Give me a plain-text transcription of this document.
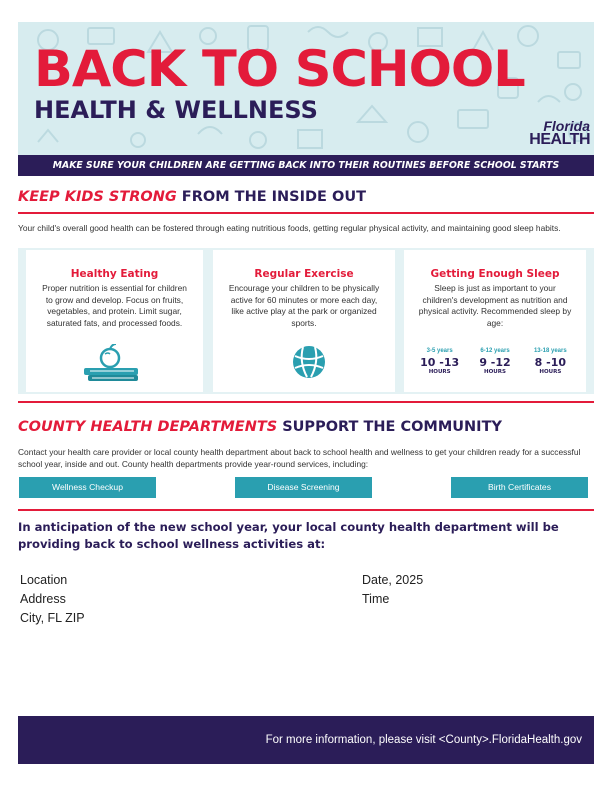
BACK TO SCHOOL
HEALTH & WELLNESS
Florida
HEALTH
MAKE SURE YOUR CHILDREN ARE GETTING BACK INTO THEIR ROUTINES BEFORE SCHOOL STARTS
KEEP KIDS STRONG FROM THE INSIDE OUT
Your child's overall good health can be fostered through eating nutritious foods, getting regular physical activity, and maintaining good sleep habits.
Healthy Eating
Proper nutrition is essential for children to grow and develop. Focus on fruits, vegetables, and protein. Limit sugar, saturated fats, and processed foods.
Regular Exercise
Encourage your children to be physically active for 60 minutes or more each day, like active play at the park or organized sports.
Getting Enough Sleep
Sleep is just as important to your children's development as nutrition and physical activity. Recommended sleep by age:
3-5 years
10 -13
HOURS
6-12 years
9 -12
HOURS
13-18 years
8 -10
HOURS
COUNTY HEALTH DEPARTMENTS SUPPORT THE COMMUNITY
Contact your health care provider or local county health department about back to school health and wellness to get your children ready for a successful school year, inside and out. County health departments provide year-round services, including:
Wellness Checkup	Disease Screening	Birth Certificates
In anticipation of the new school year, your local county health department will be providing back to school wellness activities at:
Location
Address
City, FL ZIP
Date, 2025
Time
For more information, please visit <County>.FloridaHealth.gov
